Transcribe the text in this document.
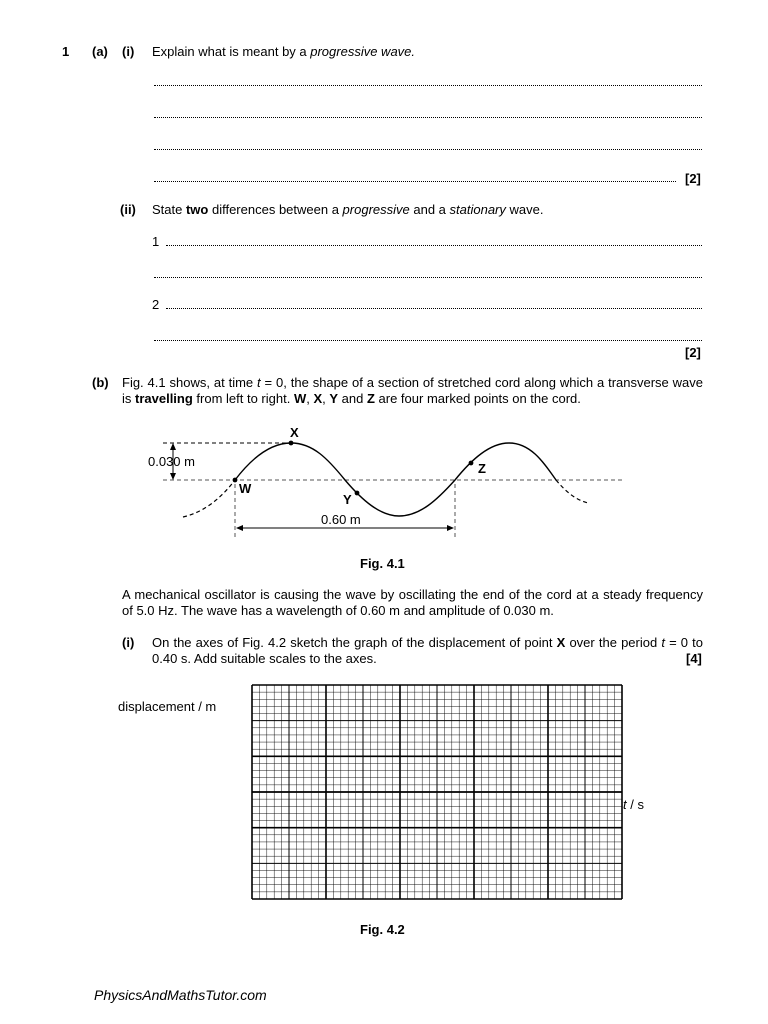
1 (a) (i) Explain what is meant by a progressive wave.
[2]
(ii) State two differences between a progressive and a stationary wave.
1
2
[2]
(b) Fig. 4.1 shows, at time t = 0, the shape of a section of stretched cord along which a transverse wave is travelling from left to right. W, X, Y and Z are four marked points on the cord.
0.030 m
0.60 m
W
X
Y
Z
Fig. 4.1
A mechanical oscillator is causing the wave by oscillating the end of the cord at a steady frequency of 5.0 Hz. The wave has a wavelength of 0.60 m and amplitude of 0.030 m.
(i) On the axes of Fig. 4.2 sketch the graph of the displacement of point X over the period t = 0 to 0.40 s. Add suitable scales to the axes.	[4]
displacement / m
t / s
Fig. 4.2
PhysicsAndMathsTutor.com
